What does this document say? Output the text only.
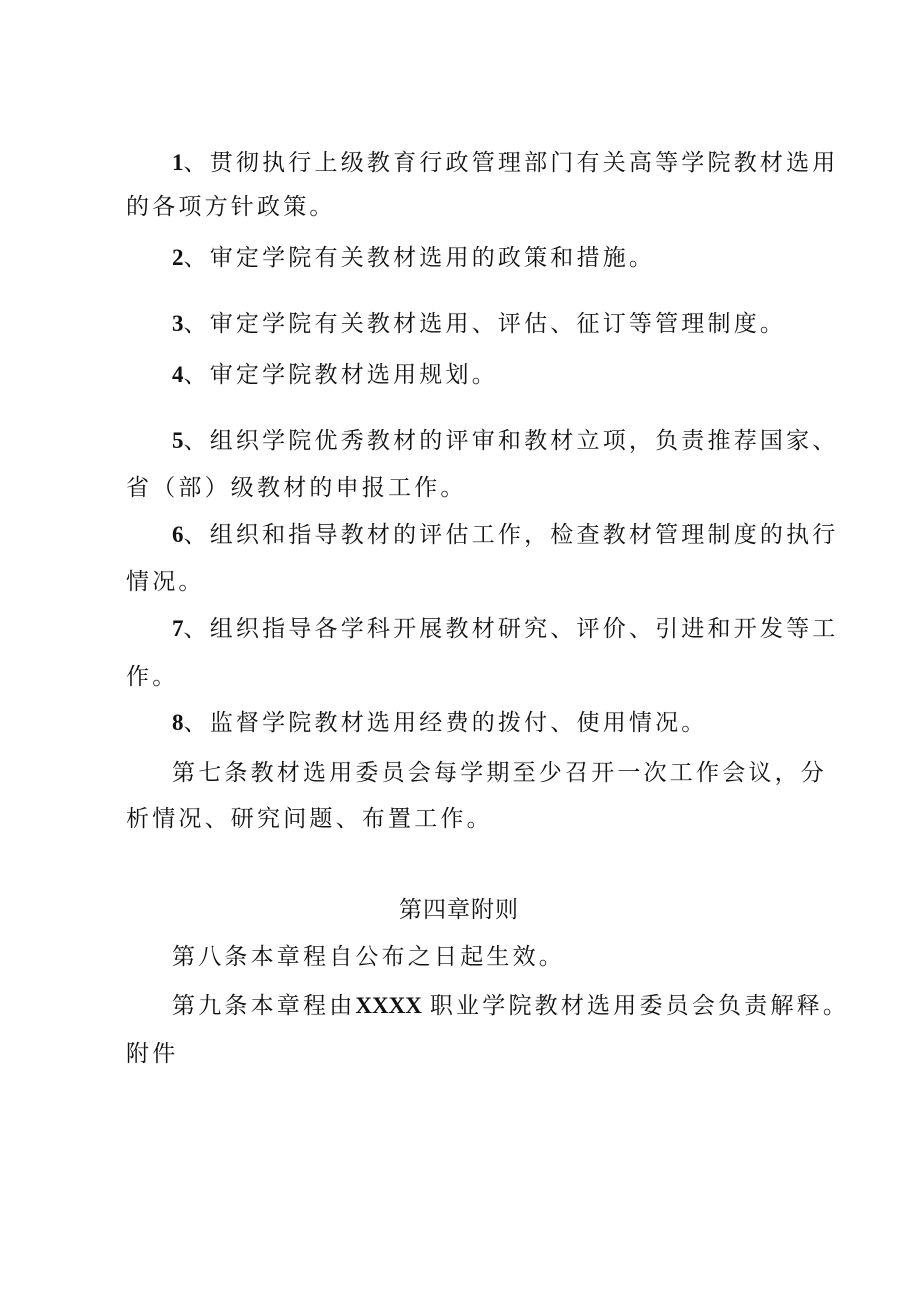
1、贯彻执行上级教育行政管理部门有关高等学院教材选用

的各项方针政策。

2、审定学院有关教材选用的政策和措施。

3、审定学院有关教材选用、评估、征订等管理制度。

4、审定学院教材选用规划。

5、组织学院优秀教材的评审和教材立项，负责推荐国家、

省（部）级教材的申报工作。

6、组织和指导教材的评估工作，检查教材管理制度的执行

情况。

7、组织指导各学科开展教材研究、评价、引进和开发等工

作。

8、监督学院教材选用经费的拨付、使用情况。

第七条教材选用委员会每学期至少召开一次工作会议，分

析情况、研究问题、布置工作。

第四章附则

第八条本章程自公布之日起生效。

第九条本章程由XXXX 职业学院教材选用委员会负责解释。

附件
